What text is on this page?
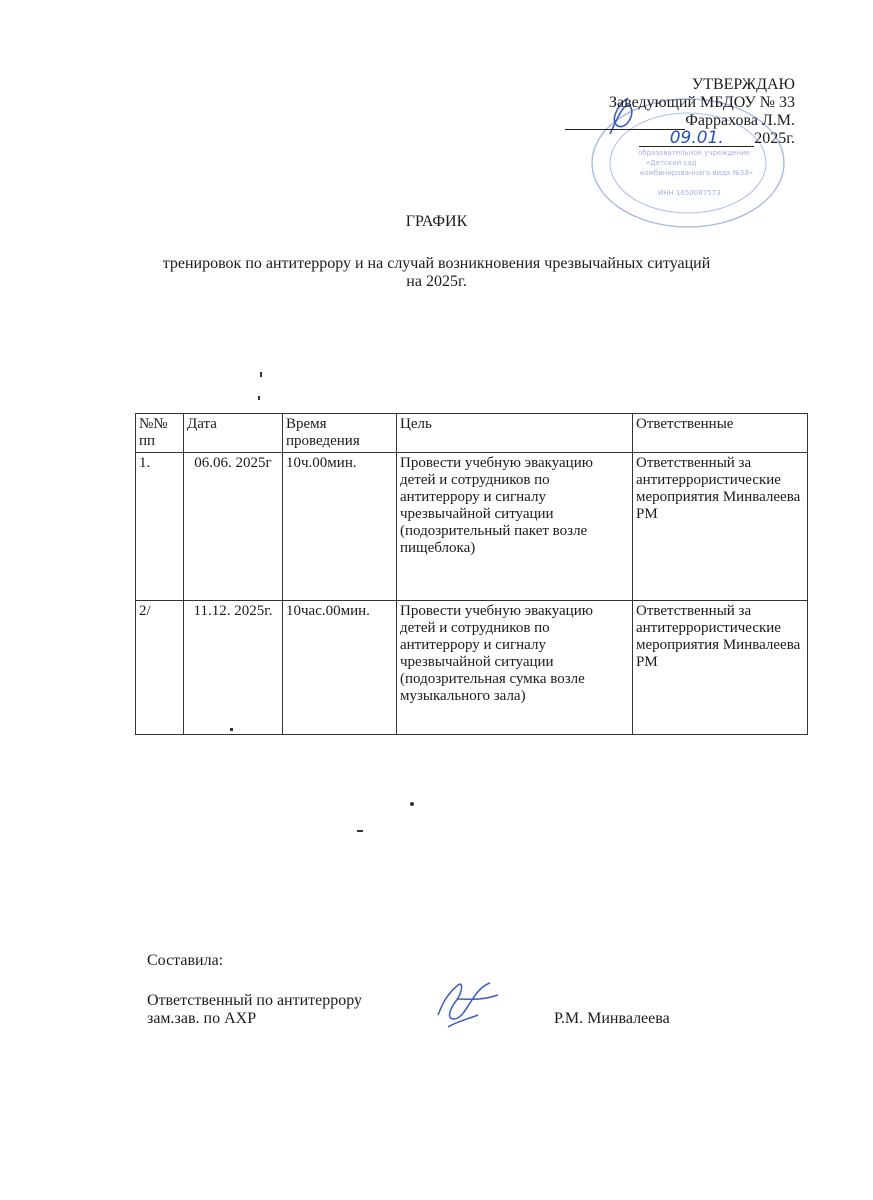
образовательное учреждение
«Детский сад
комбинированного вида №33»
ИНН 1650087573
УТВЕРЖДАЮ
Заведующий МБДОУ № 33
Фаррахова Л.М.
09.01. 2025г.
ГРАФИК
тренировок по антитеррору и на случай возникновения чрезвычайных ситуаций
на 2025г.
№№ пп	Дата	Время проведения	Цель	Ответственные
1.	06.06. 2025г	10ч.00мин.	Провести учебную эвакуацию детей и сотрудников по антитеррору и сигналу чрезвычайной ситуации (подозрительный пакет возле пищеблока)	Ответственный за антитеррористические мероприятия Минвалеева РМ
2/	11.12. 2025г.	10час.00мин.	Провести учебную эвакуацию детей и сотрудников по антитеррору и сигналу чрезвычайной ситуации (подозрительная сумка возле музыкального зала)	Ответственный за антитеррористические мероприятия Минвалеева РМ
Составила:
Ответственный по антитеррору
зам.зав. по АХР	Р.М. Минвалеева
